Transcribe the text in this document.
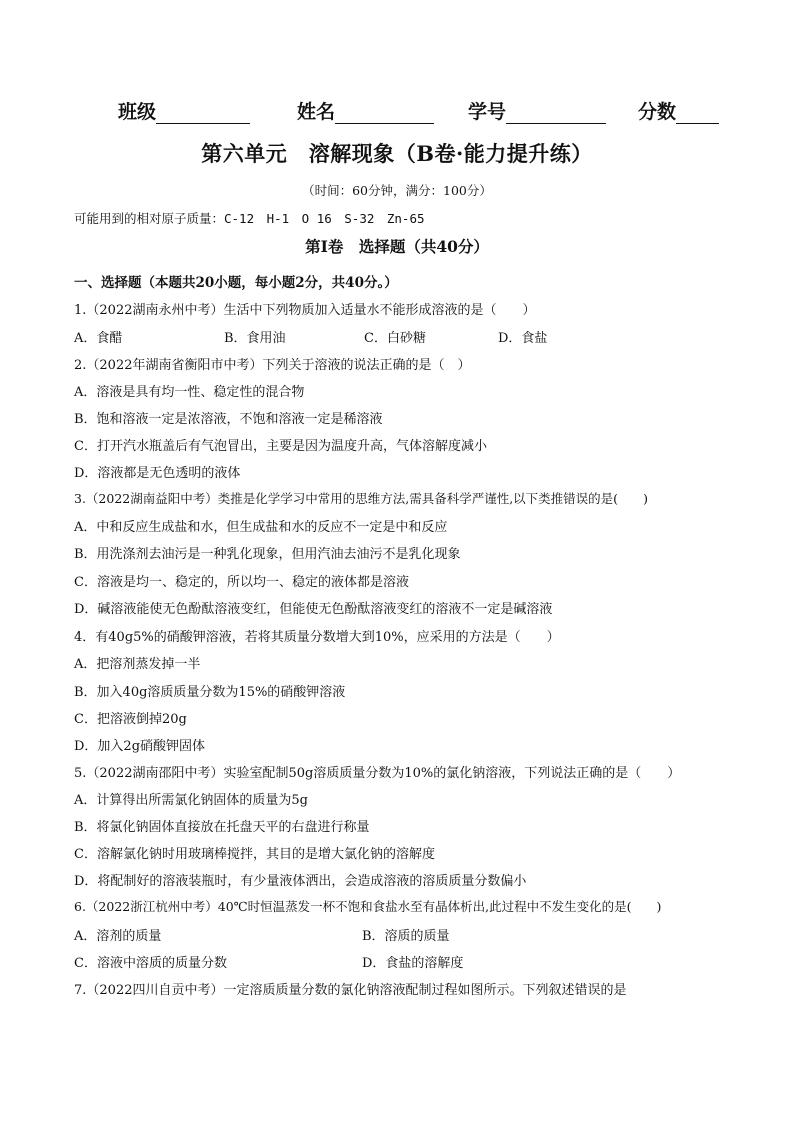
班级	姓名	学号	分数
第六单元　溶解现象（B卷·能力提升练）
（时间：60分钟，满分：100分）
可能用到的相对原子质量：C-12　H-1　O 16　S-32　Zn-65
第Ⅰ卷　选择题（共40分）
一、选择题（本题共20小题，每小题2分，共40分。）
1.（2022湖南永州中考）生活中下列物质加入适量水不能形成溶液的是（　　）
A．食醋	B．食用油	C．白砂糖	D．食盐
2.（2022年湖南省衡阳市中考）下列关于溶液的说法正确的是（　）
A．溶液是具有均一性、稳定性的混合物
B．饱和溶液一定是浓溶液，不饱和溶液一定是稀溶液
C．打开汽水瓶盖后有气泡冒出，主要是因为温度升高，气体溶解度减小
D．溶液都是无色透明的液体
3.（2022湖南益阳中考）类推是化学学习中常用的思维方法,需具备科学严谨性,以下类推错误的是(　　)
A．中和反应生成盐和水，但生成盐和水的反应不一定是中和反应
B．用洗涤剂去油污是一种乳化现象，但用汽油去油污不是乳化现象
C．溶液是均一、稳定的，所以均一、稳定的液体都是溶液
D．碱溶液能使无色酚酞溶液变红，但能使无色酚酞溶液变红的溶液不一定是碱溶液
4．有40g5%的硝酸钾溶液，若将其质量分数增大到10%，应采用的方法是（　　）
A．把溶剂蒸发掉一半
B．加入40g溶质质量分数为15%的硝酸钾溶液
C．把溶液倒掉20g
D．加入2g硝酸钾固体
5.（2022湖南邵阳中考）实验室配制50g溶质质量分数为10%的氯化钠溶液，下列说法正确的是（　　）
A．计算得出所需氯化钠固体的质量为5g
B．将氯化钠固体直接放在托盘天平的右盘进行称量
C．溶解氯化钠时用玻璃棒搅拌，其目的是增大氯化钠的溶解度
D．将配制好的溶液装瓶时，有少量液体洒出，会造成溶液的溶质质量分数偏小
6.（2022浙江杭州中考）40℃时恒温蒸发一杯不饱和食盐水至有晶体析出,此过程中不发生变化的是(　　)
A．溶剂的质量	B．溶质的质量
C．溶液中溶质的质量分数	D．食盐的溶解度
7.（2022四川自贡中考）一定溶质质量分数的氯化钠溶液配制过程如图所示。下列叙述错误的是
